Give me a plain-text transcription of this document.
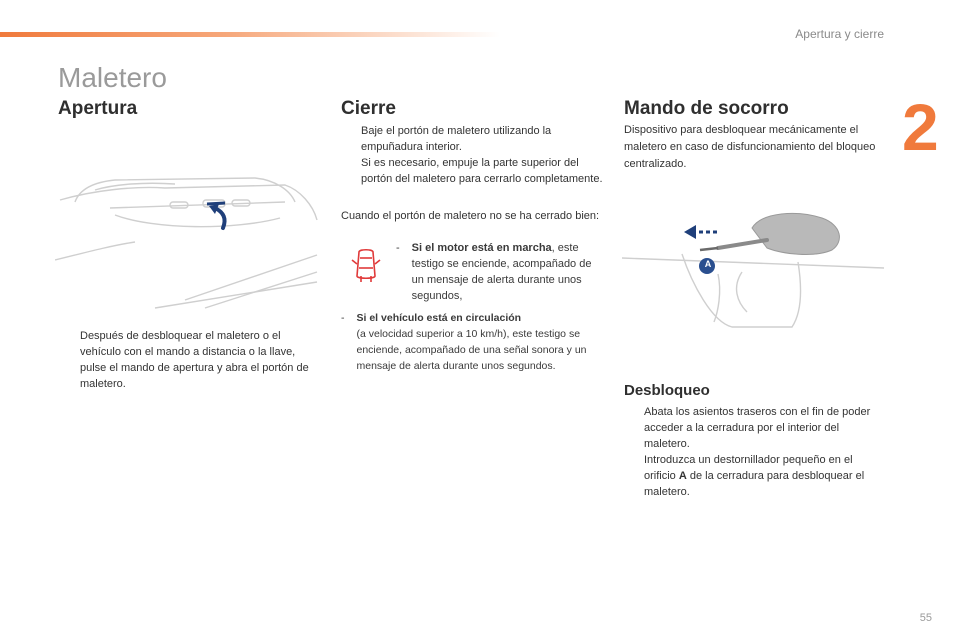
Apertura y cierre
2
Maletero
Apertura
Después de desbloquear el maletero o el vehículo con el mando a distancia o la llave, pulse el mando de apertura y abra el portón de maletero.
Cierre
Baje el portón de maletero utilizando la empuñadura interior.
Si es necesario, empuje la parte superior del portón del maletero para cerrarlo completamente.
Cuando el portón de maletero no se ha cerrado bien:
- Si el motor está en marcha, este testigo se enciende, acompañado de un mensaje de alerta durante unos segundos,
- Si el vehículo está en circulación
(a velocidad superior a 10 km/h), este testigo se enciende, acompañado de una señal sonora y un mensaje de alerta durante unos segundos.
Mando de socorro
Dispositivo para desbloquear mecánicamente el maletero en caso de disfuncionamiento del bloqueo centralizado.
A
Desbloqueo
Abata los asientos traseros con el fin de poder acceder a la cerradura por el interior del maletero.
Introduzca un destornillador pequeño en el orificio A de la cerradura para desbloquear el maletero.
55
